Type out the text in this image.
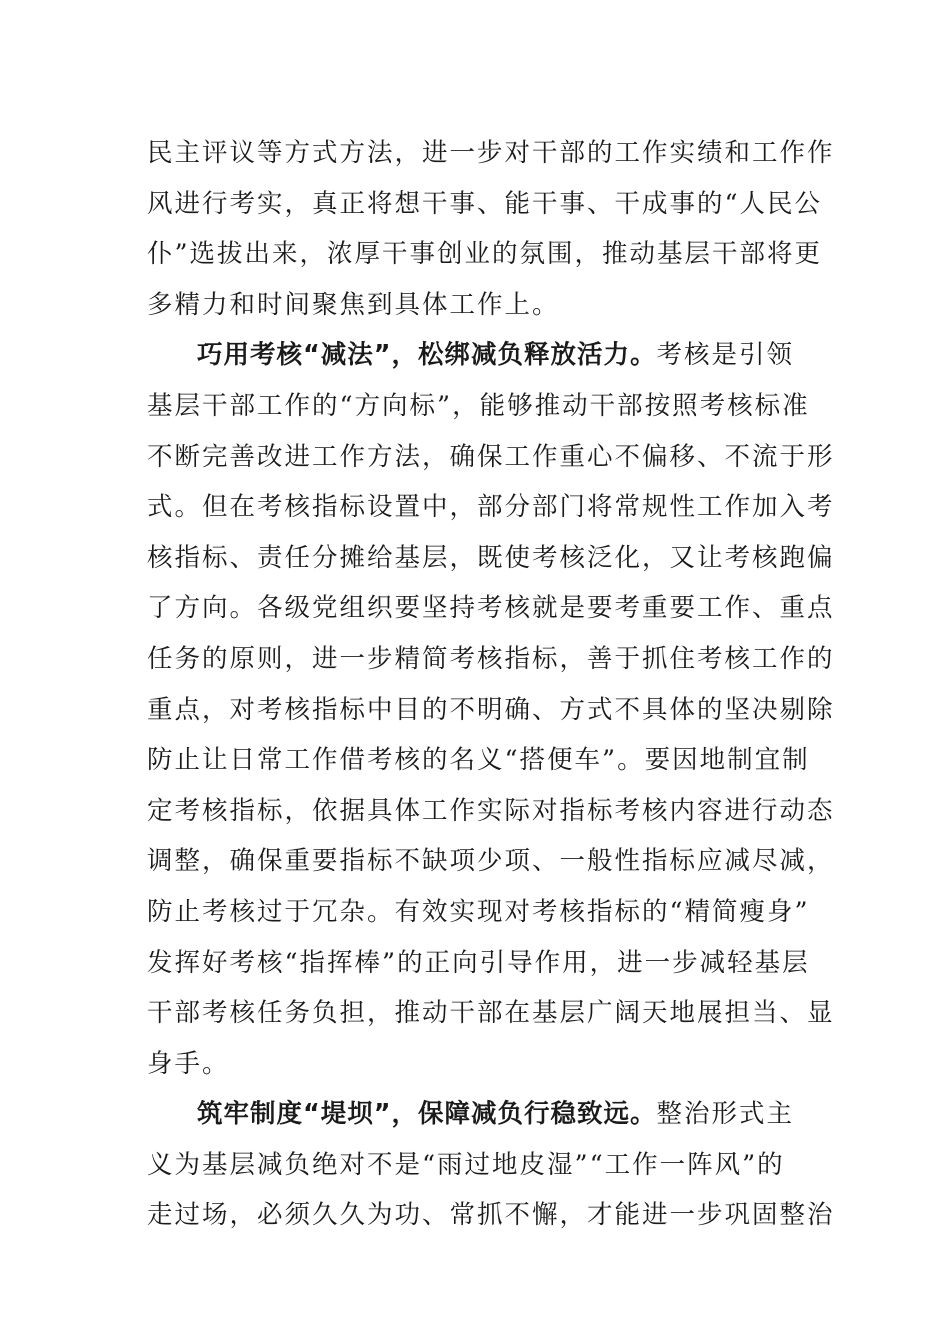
民主评议等方式方法，进一步对干部的工作实绩和工作作
风进行考实，真正将想干事、能干事、干成事的“人民公
仆”选拔出来，浓厚干事创业的氛围，推动基层干部将更
多精力和时间聚焦到具体工作上。
巧用考核“减法”，松绑减负释放活力。考核是引领
基层干部工作的“方向标”，能够推动干部按照考核标准
不断完善改进工作方法，确保工作重心不偏移、不流于形
式。但在考核指标设置中，部分部门将常规性工作加入考
核指标、责任分摊给基层，既使考核泛化，又让考核跑偏
了方向。各级党组织要坚持考核就是要考重要工作、重点
任务的原则，进一步精简考核指标，善于抓住考核工作的
重点，对考核指标中目的不明确、方式不具体的坚决剔除
防止让日常工作借考核的名义“搭便车”。要因地制宜制
定考核指标，依据具体工作实际对指标考核内容进行动态
调整，确保重要指标不缺项少项、一般性指标应减尽减，
防止考核过于冗杂。有效实现对考核指标的“精简瘦身”
发挥好考核“指挥棒”的正向引导作用，进一步减轻基层
干部考核任务负担，推动干部在基层广阔天地展担当、显
身手。
筑牢制度“堤坝”，保障减负行稳致远。整治形式主
义为基层减负绝对不是“雨过地皮湿”“工作一阵风”的
走过场，必须久久为功、常抓不懈，才能进一步巩固整治
